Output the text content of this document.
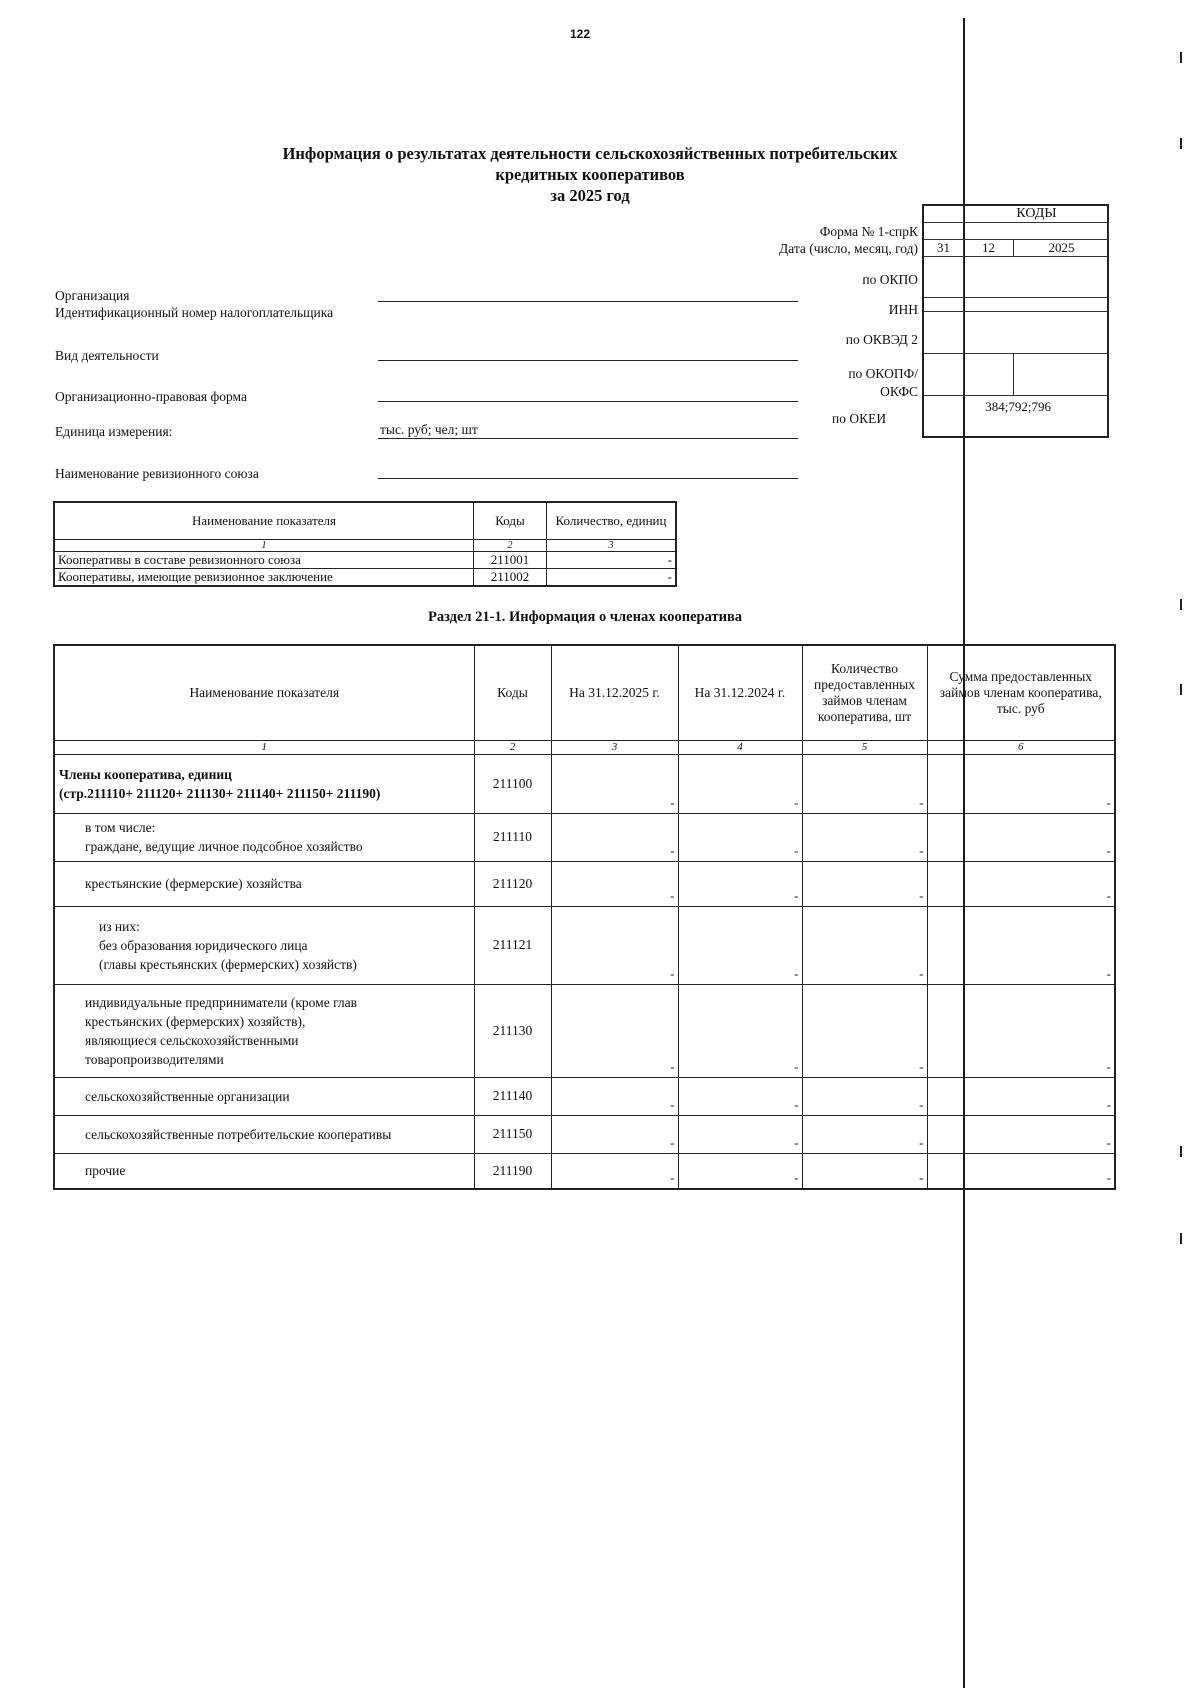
122
Информация о результатах деятельности сельскохозяйственных потребительских
кредитных кооперативов
за 2025 год
КОДЫ
31	12	2025
384;792;796
Форма № 1-спрК
Дата (число, месяц, год)
по ОКПО
ИНН
по ОКВЭД 2
по ОКОПФ/ ОКФС
по ОКЕИ
Организация
Идентификационный номер налогоплательщика
Вид деятельности
Организационно-правовая форма
Единица измерения:	тыс. руб; чел; шт
Наименование ревизионного союза
Наименование показателя	Коды	Количество, единиц
1	2	3
Кооперативы в составе ревизионного союза	211001	-
Кооперативы, имеющие ревизионное заключение	211002	-
Раздел 21-1. Информация о членах кооператива
Наименование показателя	Коды	На 31.12.2025 г.	На 31.12.2024 г.	Количество предоставленных займов членам кооператива, шт	Сумма предоставленных займов членам кооператива, тыс. руб
1	2	3	4	5	6
Члены кооператива, единиц
(стр.211110+ 211120+ 211130+ 211140+ 211150+ 211190)	211100	-	-	-	-

в том числе:
граждане, ведущие личное подсобное хозяйство	211110	-	-	-	-

крестьянские (фермерские) хозяйства	211120	-	-	-	-

из них:
без образования юридического лица
(главы крестьянских (фермерских) хозяйств)	211121	-	-	-	-

индивидуальные предприниматели (кроме глав
крестьянских (фермерских) хозяйств),
являющиеся сельскохозяйственными
товаропроизводителями	211130	-	-	-	-

сельскохозяйственные организации	211140	-	-	-	-

сельскохозяйственные потребительские кооперативы	211150	-	-	-	-

прочие	211190	-	-	-	-
